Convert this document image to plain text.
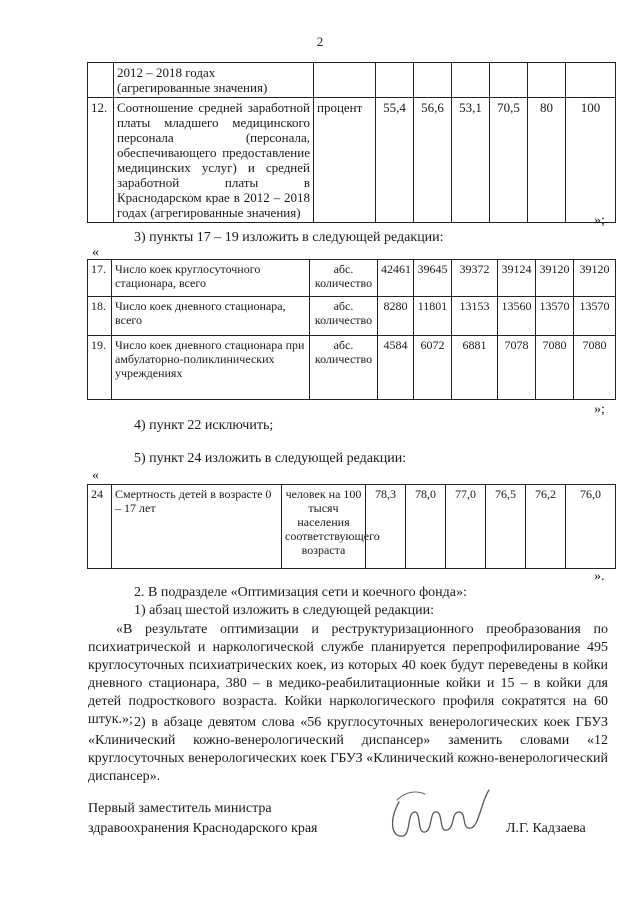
2
	2012 – 2018 годах (агрегированные значения)							
12.	Соотношение средней заработной платы младшего медицинского персонала (персонала, обеспечивающего предоставление медицинских услуг) и средней заработной платы в Краснодарском крае в 2012 – 2018 годах (агрегированные значения)	процент	55,4	56,6	53,1	70,5	80	100
»;
3) пункты 17 – 19 изложить в следующей редакции:
«
17.	Число коек круглосуточного стационара, всего	абс. количество	42461	39645	39372	39124	39120	39120
18.	Число коек дневного стационара, всего	абс. количество	8280	11801	13153	13560	13570	13570
19.	Число коек дневного стационара при амбулаторно-поликлинических учреждениях	абс. количество	4584	6072	6881	7078	7080	7080
»;
4) пункт 22 исключить;
5) пункт 24 изложить в следующей редакции:
«
24	Смертность детей в возрасте 0 – 17 лет	человек на 100 тысяч населения соответствующего возраста	78,3	78,0	77,0	76,5	76,2	76,0
».
2. В подразделе «Оптимизация сети и коечного фонда»:
1) абзац шестой изложить в следующей редакции:
«В результате оптимизации и реструктуризационного преобразования по психиатрической и наркологической службе планируется перепрофилирование 495 круглосуточных психиатрических коек, из которых 40 коек будут переведены в койки дневного стационара, 380 – в медико-реабилитационные койки и 15 – в койки для детей подросткового возраста. Койки наркологического профиля сократятся на 60 штук.»; 2) в абзаце девятом слова «56 круглосуточных венерологических коек ГБУЗ «Клинический кожно-венерологический диспансер» заменить словами «12 круглосуточных венерологических коек ГБУЗ «Клинический кожно-венерологический диспансер».
Первый заместитель министра
здравоохранения Краснодарского края	Л.Г. Кадзаева
